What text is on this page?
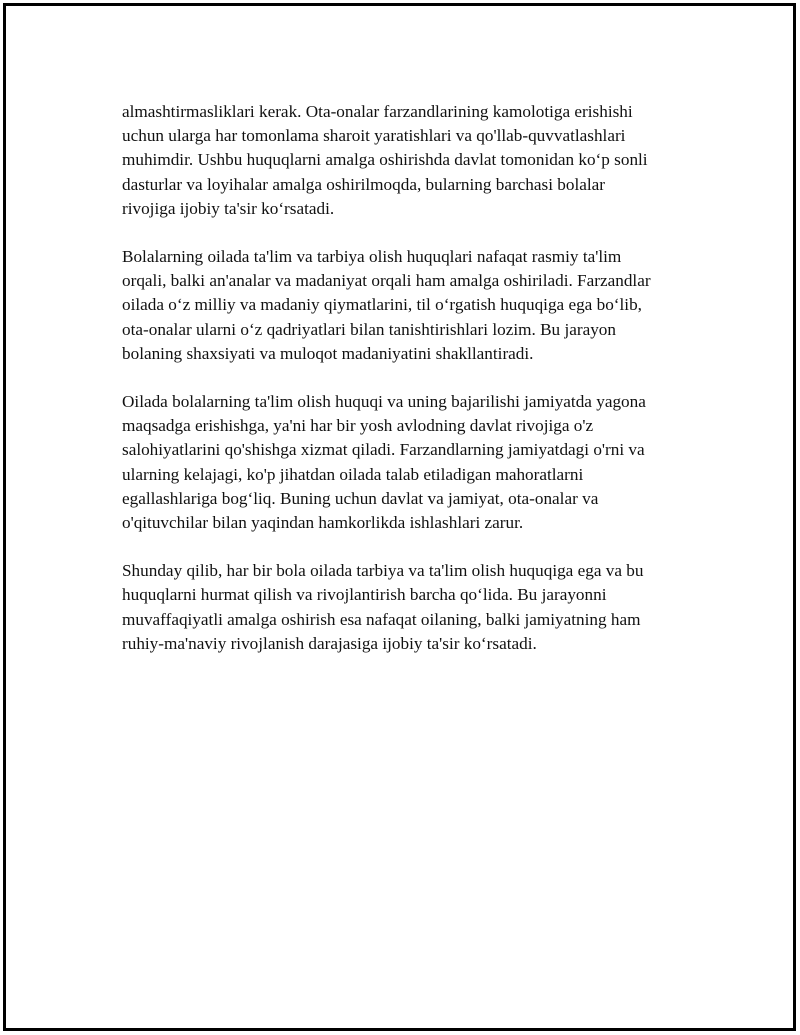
almashtirmasliklari kerak. Ota-onalar farzandlarining kamolotiga erishishi
uchun ularga har tomonlama sharoit yaratishlari va qo'llab-quvvatlashlari
muhimdir. Ushbu huquqlarni amalga oshirishda davlat tomonidan ko‘p sonli
dasturlar va loyihalar amalga oshirilmoqda, bularning barchasi bolalar
rivojiga ijobiy ta'sir ko‘rsatadi.

Bolalarning oilada ta'lim va tarbiya olish huquqlari nafaqat rasmiy ta'lim
orqali, balki an'analar va madaniyat orqali ham amalga oshiriladi. Farzandlar
oilada o‘z milliy va madaniy qiymatlarini, til o‘rgatish huquqiga ega bo‘lib,
ota-onalar ularni o‘z qadriyatlari bilan tanishtirishlari lozim. Bu jarayon
bolaning shaxsiyati va muloqot madaniyatini shakllantiradi.

Oilada bolalarning ta'lim olish huquqi va uning bajarilishi jamiyatda yagona
maqsadga erishishga, ya'ni har bir yosh avlodning davlat rivojiga o'z
salohiyatlarini qo'shishga xizmat qiladi. Farzandlarning jamiyatdagi o'rni va
ularning kelajagi, ko'p jihatdan oilada talab etiladigan mahoratlarni
egallashlariga bog‘liq. Buning uchun davlat va jamiyat, ota-onalar va
o'qituvchilar bilan yaqindan hamkorlikda ishlashlari zarur.

Shunday qilib, har bir bola oilada tarbiya va ta'lim olish huquqiga ega va bu
huquqlarni hurmat qilish va rivojlantirish barcha qo‘lida. Bu jarayonni
muvaffaqiyatli amalga oshirish esa nafaqat oilaning, balki jamiyatning ham
ruhiy-ma'naviy rivojlanish darajasiga ijobiy ta'sir ko‘rsatadi.
